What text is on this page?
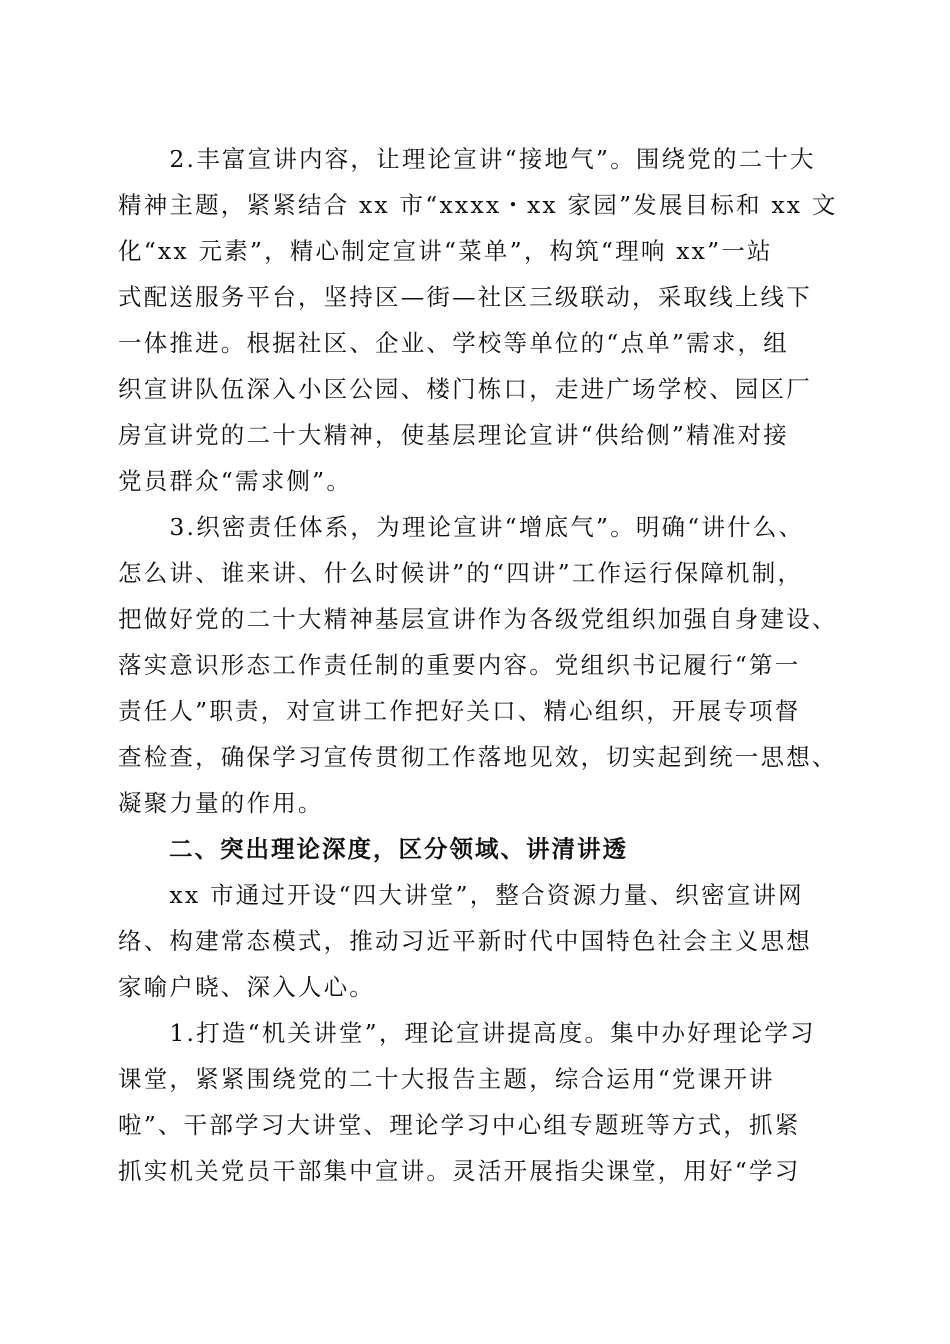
　　2.丰富宣讲内容，让理论宣讲“接地气”。围绕党的二十大
精神主题，紧紧结合 xx 市“xxxx・xx 家园”发展目标和 xx 文
化“xx 元素”，精心制定宣讲“菜单”，构筑“理响 xx”一站
式配送服务平台，坚持区—街—社区三级联动，采取线上线下
一体推进。根据社区、企业、学校等单位的“点单”需求，组
织宣讲队伍深入小区公园、楼门栋口，走进广场学校、园区厂
房宣讲党的二十大精神，使基层理论宣讲“供给侧”精准对接
党员群众“需求侧”。
　　3.织密责任体系，为理论宣讲“增底气”。明确“讲什么、
怎么讲、谁来讲、什么时候讲”的“四讲”工作运行保障机制，
把做好党的二十大精神基层宣讲作为各级党组织加强自身建设、
落实意识形态工作责任制的重要内容。党组织书记履行“第一
责任人”职责，对宣讲工作把好关口、精心组织，开展专项督
查检查，确保学习宣传贯彻工作落地见效，切实起到统一思想、
凝聚力量的作用。
　　二、突出理论深度，区分领域、讲清讲透
　　xx 市通过开设“四大讲堂”，整合资源力量、织密宣讲网
络、构建常态模式，推动习近平新时代中国特色社会主义思想
家喻户晓、深入人心。
　　1.打造“机关讲堂”，理论宣讲提高度。集中办好理论学习
课堂，紧紧围绕党的二十大报告主题，综合运用“党课开讲
啦”、干部学习大讲堂、理论学习中心组专题班等方式，抓紧
抓实机关党员干部集中宣讲。灵活开展指尖课堂，用好“学习
